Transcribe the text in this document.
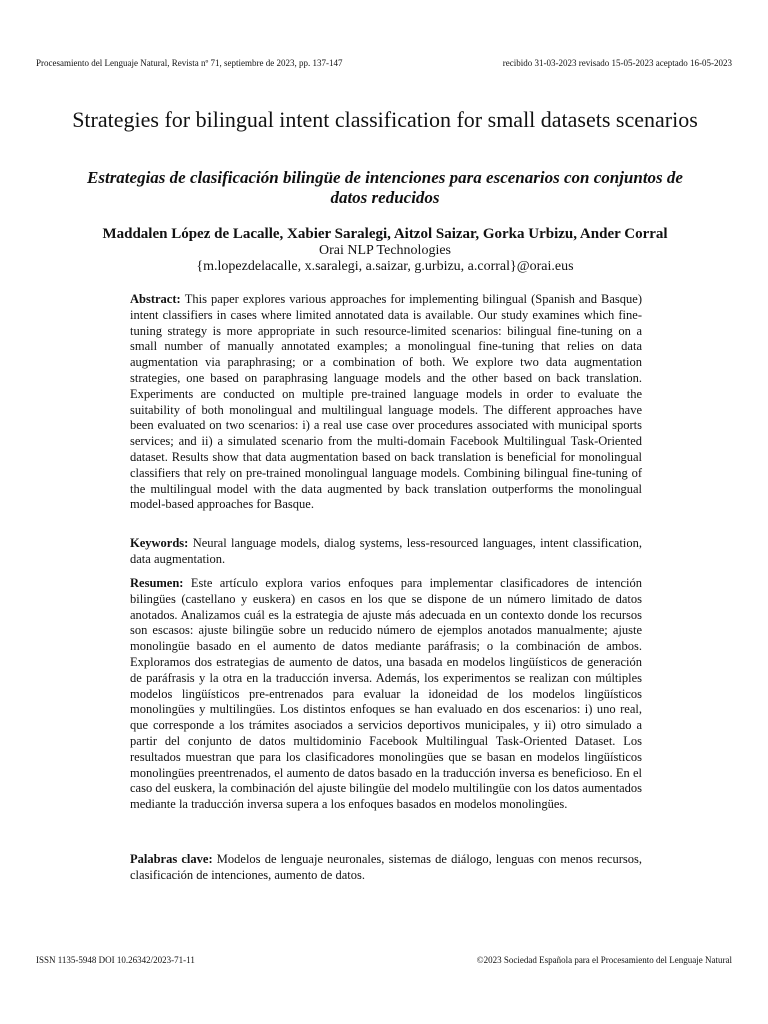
Procesamiento del Lenguaje Natural, Revista nº 71, septiembre de 2023, pp. 137-147	recibido 31-03-2023 revisado 15-05-2023 aceptado 16-05-2023
Strategies for bilingual intent classification for small datasets scenarios
Estrategias de clasificación bilingüe de intenciones para escenarios con conjuntos de datos reducidos
Maddalen López de Lacalle, Xabier Saralegi, Aitzol Saizar, Gorka Urbizu, Ander Corral
Orai NLP Technologies
{m.lopezdelacalle, x.saralegi, a.saizar, g.urbizu, a.corral}@orai.eus
Abstract: This paper explores various approaches for implementing bilingual (Spanish and Basque) intent classifiers in cases where limited annotated data is available. Our study examines which fine-tuning strategy is more appropriate in such resource-limited scenarios: bilingual fine-tuning on a small number of manually annotated examples; a monolingual fine-tuning that relies on data augmentation via paraphrasing; or a combination of both. We explore two data augmentation strategies, one based on paraphrasing language models and the other based on back translation. Experiments are conducted on multiple pre-trained language models in order to evaluate the suitability of both monolingual and multilingual language models. The different approaches have been evaluated on two scenarios: i) a real use case over procedures associated with municipal sports services; and ii) a simulated scenario from the multi-domain Facebook Multilingual Task-Oriented dataset. Results show that data augmentation based on back translation is beneficial for monolingual classifiers that rely on pre-trained monolingual language models. Combining bilingual fine-tuning of the multilingual model with the data augmented by back translation outperforms the monolingual model-based approaches for Basque.
Keywords: Neural language models, dialog systems, less-resourced languages, intent classification, data augmentation.
Resumen: Este artículo explora varios enfoques para implementar clasificadores de intención bilingües (castellano y euskera) en casos en los que se dispone de un número limitado de datos anotados. Analizamos cuál es la estrategia de ajuste más adecuada en un contexto donde los recursos son escasos: ajuste bilingüe sobre un reducido número de ejemplos anotados manualmente; ajuste monolingüe basado en el aumento de datos mediante paráfrasis; o la combinación de ambos. Exploramos dos estrategias de aumento de datos, una basada en modelos lingüísticos de generación de paráfrasis y la otra en la traducción inversa. Además, los experimentos se realizan con múltiples modelos lingüísticos pre-entrenados para evaluar la idoneidad de los modelos lingüísticos monolingües y multilingües. Los distintos enfoques se han evaluado en dos escenarios: i) uno real, que corresponde a los trámites asociados a servicios deportivos municipales, y ii) otro simulado a partir del conjunto de datos multidominio Facebook Multilingual Task-Oriented Dataset. Los resultados muestran que para los clasificadores monolingües que se basan en modelos lingüísticos monolingües preentrenados, el aumento de datos basado en la traducción inversa es beneficioso. En el caso del euskera, la combinación del ajuste bilingüe del modelo multilingüe con los datos aumentados mediante la traducción inversa supera a los enfoques basados en modelos monolingües.
Palabras clave: Modelos de lenguaje neuronales, sistemas de diálogo, lenguas con menos recursos, clasificación de intenciones, aumento de datos.
ISSN 1135-5948 DOI 10.26342/2023-71-11	©2023 Sociedad Española para el Procesamiento del Lenguaje Natural
